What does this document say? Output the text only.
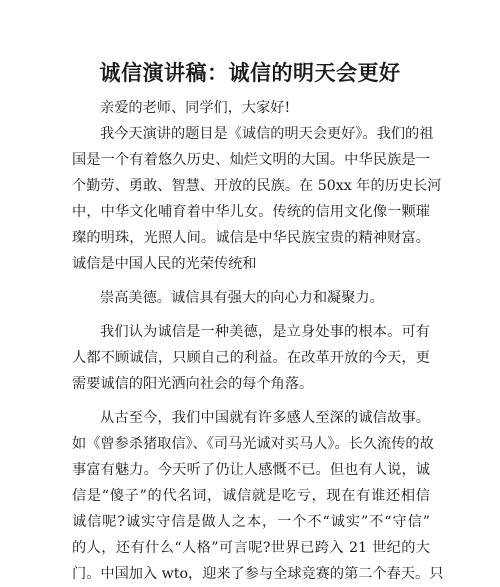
诚信演讲稿：诚信的明天会更好
亲爱的老师、同学们，大家好!
我今天演讲的题目是《诚信的明天会更好》。我们的祖
国是一个有着悠久历史、灿烂文明的大国。中华民族是一
个勤劳、勇敢、智慧、开放的民族。在 50xx 年的历史长河
中，中华文化哺育着中华儿女。传统的信用文化像一颗璀
璨的明珠，光照人间。诚信是中华民族宝贵的精神财富。
诚信是中国人民的光荣传统和
崇高美德。诚信具有强大的向心力和凝聚力。
我们认为诚信是一种美德，是立身处事的根本。可有
人都不顾诚信，只顾自己的利益。在改革开放的今天，更
需要诚信的阳光洒向社会的每个角落。
从古至今，我们中国就有许多感人至深的诚信故事。
如《曾参杀猪取信》、《司马光诚对买马人》。长久流传的故
事富有魅力。今天听了仍让人感慨不已。但也有人说，诚
信是“傻子”的代名词，诚信就是吃亏，现在有谁还相信
诚信呢?诚实守信是做人之本，一个不“诚实”不“守信”
的人，还有什么“人格”可言呢?世界已跨入 21 世纪的大
门。中国加入 wto，迎来了参与全球竞赛的第二个春天。只
